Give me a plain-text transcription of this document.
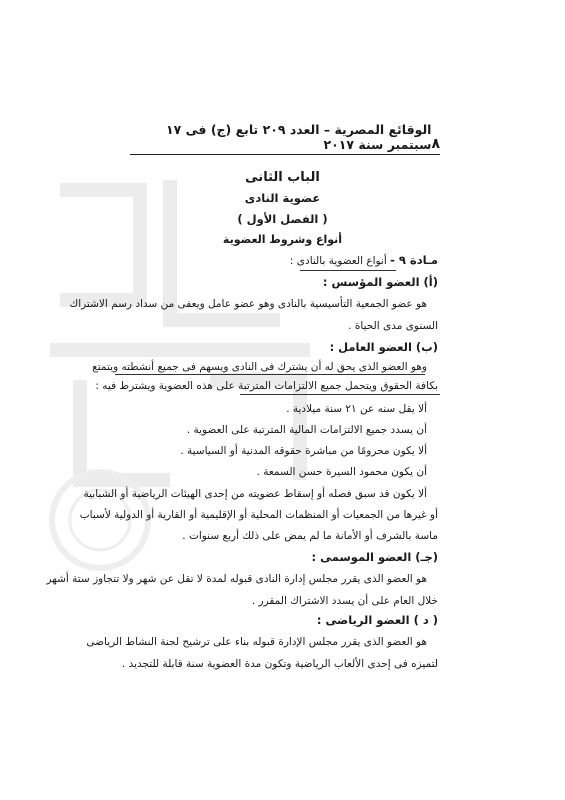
٨
الوقائع المصرية – العدد ٢٠٩ تابع (ج) فى ١٧ سبتمبر سنة ٢٠١٧
الباب الثانى
عضوية النادى
( الفصل الأول )
أنواع وشروط العضوية
مـادة ٩ - أنواع العضوية بالنادى :
(أ) العضو المؤسس :
هو عضو الجمعية التأسيسية بالنادى وهو عضو عامل ويعفى من سداد رسم الاشتراك
السنوى مدى الحياة .
(ب) العضو العامل :
وهو العضو الذى يحق له أن يشترك فى النادى ويسهم فى جميع أنشطته ويتمتع
بكافة الحقوق ويتحمل جميع الالتزامات المترتبة على هذه العضوية ويشترط فيه :
ألا يقل سنه عن ٢١ سنة ميلادية .
أن يسدد جميع الالتزامات المالية المترتبة على العضوية .
ألا يكون محرومًا من مباشرة حقوقه المدنية أو السياسية .
أن يكون محمود السيرة حسن السمعة .
ألا يكون قد سبق فصله أو إسقاط عضويته من إحدى الهيئات الرياضية أو الشبابية
أو غيرها من الجمعيات أو المنظمات المحلية أو الإقليمية أو القارية أو الدولية لأسباب
ماسة بالشرف أو الأمانة ما لم يمض على ذلك أربع سنوات .
(جـ) العضو الموسمى :
هو العضو الذى يقرر مجلس إدارة النادى قبوله لمدة لا تقل عن شهر ولا تتجاوز ستة أشهر
خلال العام على أن يسدد الاشتراك المقرر .
( د ) العضو الرياضى :
هو العضو الذى يقرر مجلس الإدارة قبوله بناء على ترشيح لجنة النشاط الرياضى
لتميزه فى إحدى الألعاب الرياضية وتكون مدة العضوية سنة قابلة للتجديد .
